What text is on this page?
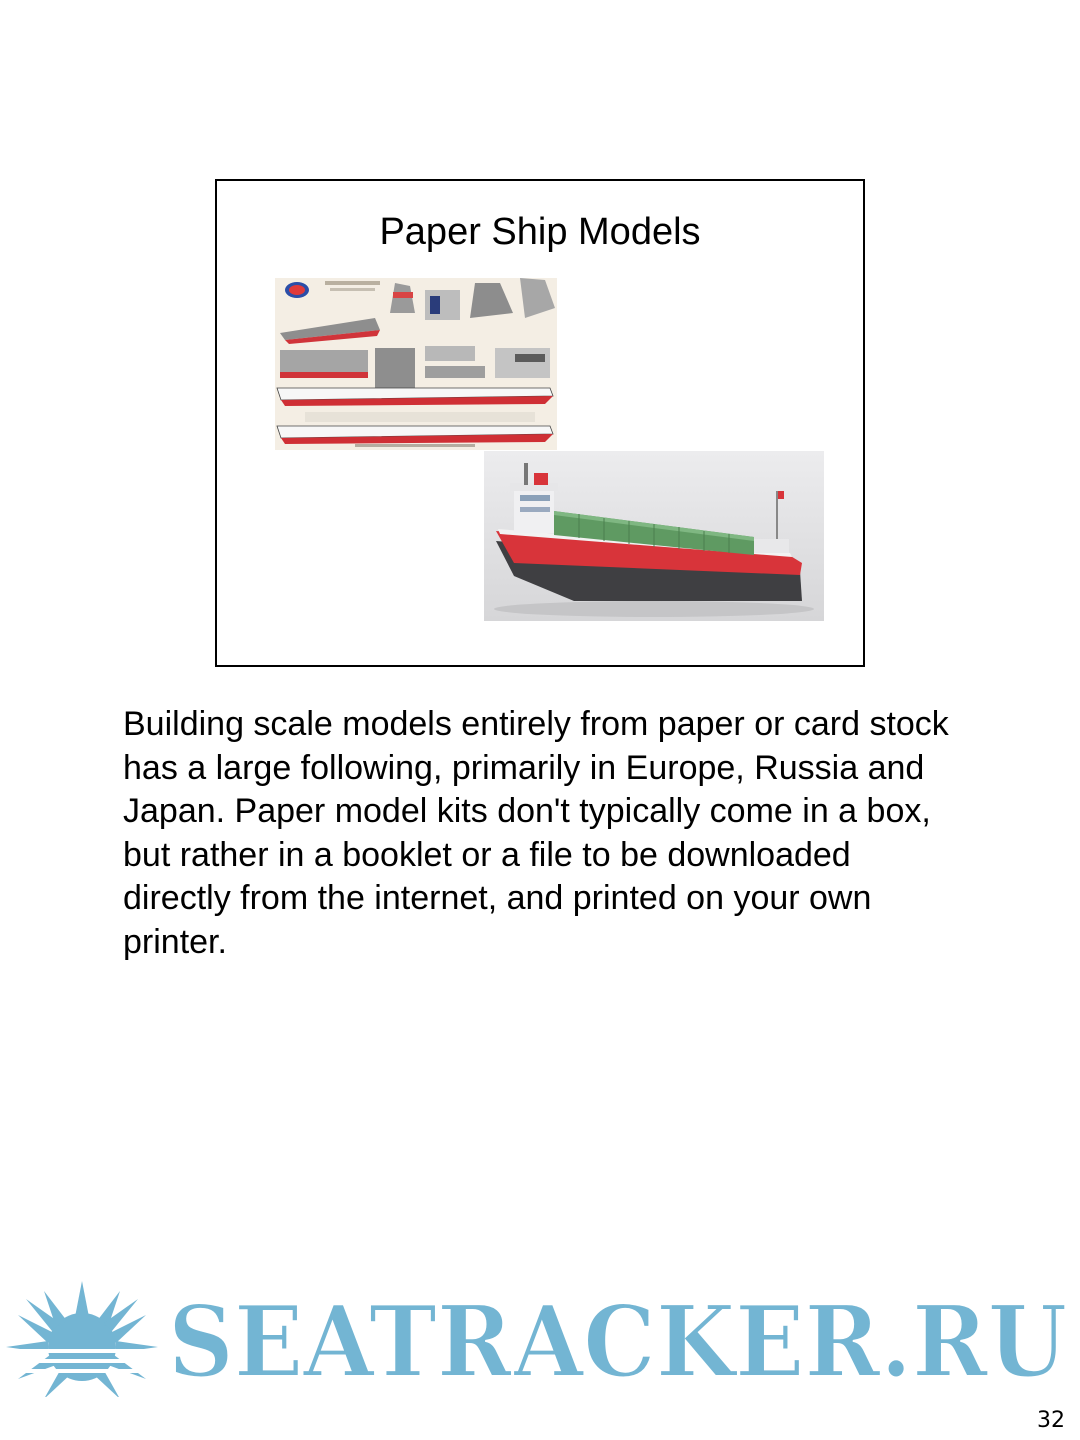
Paper Ship Models
Building scale models entirely from paper or card stock has a large following, primarily in Europe, Russia and Japan. Paper model kits don't typically come in a box, but rather in a booklet or a file to be downloaded directly from the internet, and printed on your own printer.
SEATRACKER.RU
32
